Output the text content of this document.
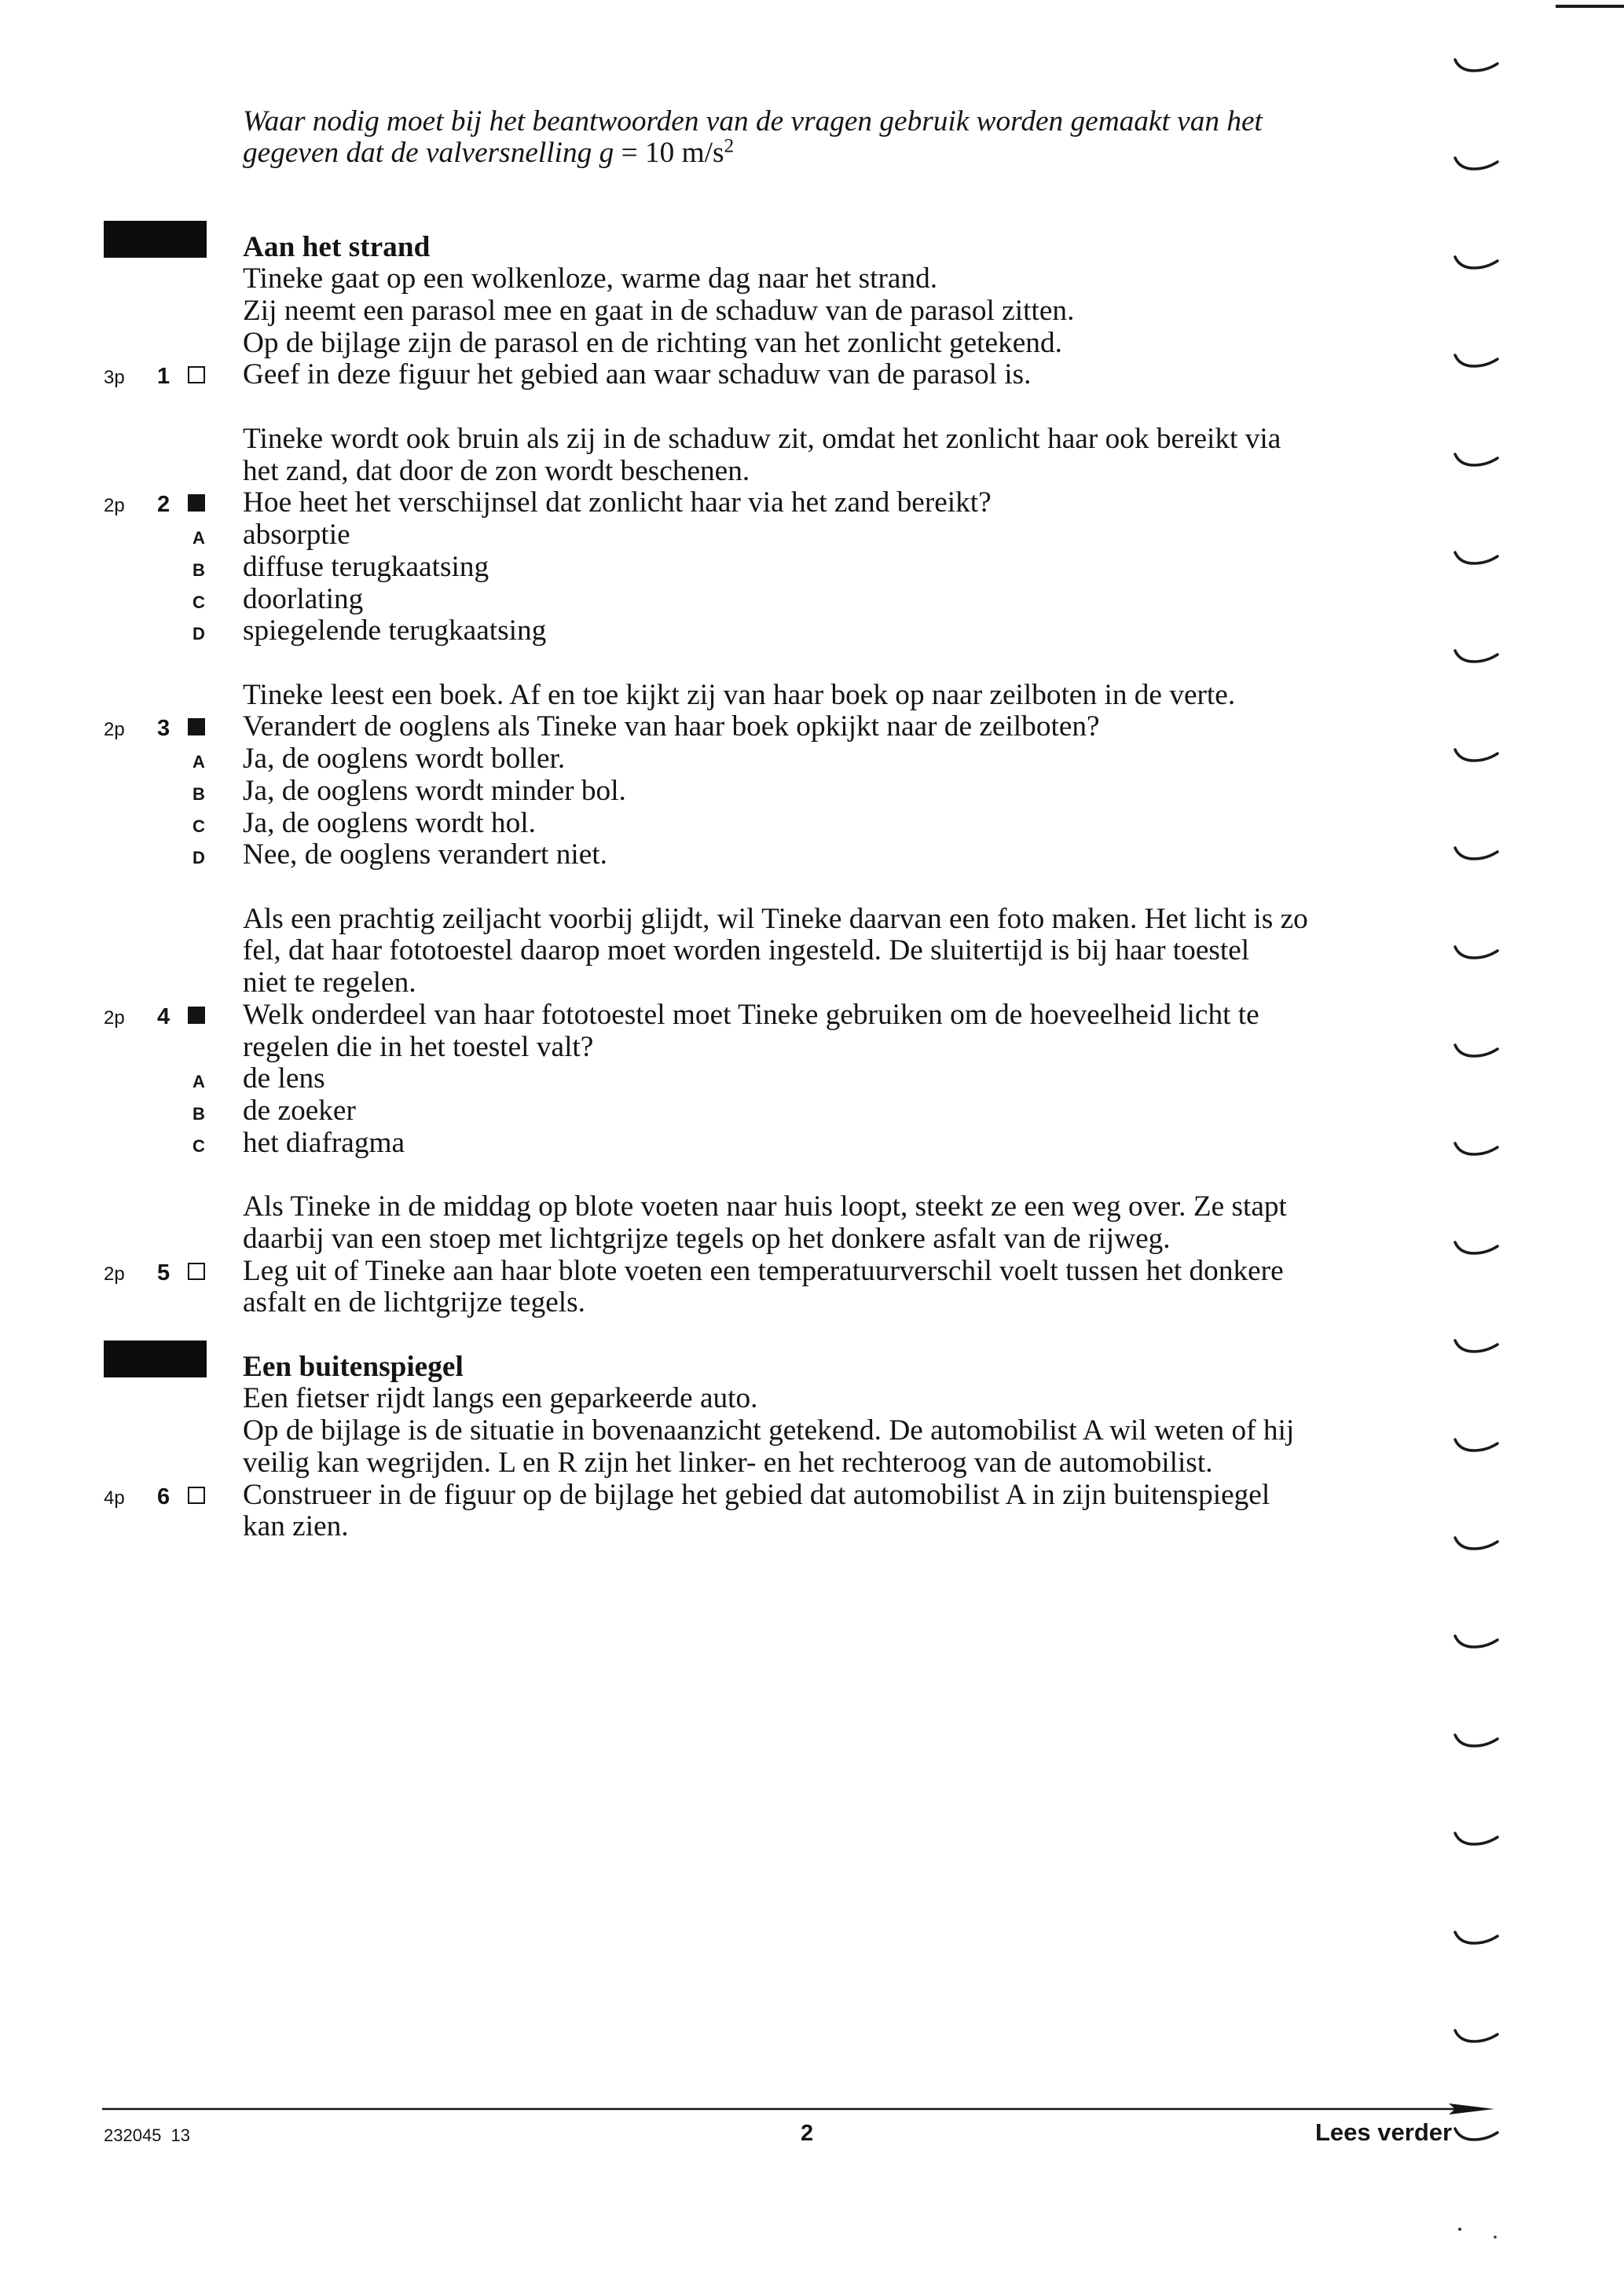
Waar nodig moet bij het beantwoorden van de vragen gebruik worden gemaakt van het
gegeven dat de valversnelling g = 10 $m/s^2$
Aan het strand
Tineke gaat op een wolkenloze, warme dag naar het strand.
Zij neemt een parasol mee en gaat in de schaduw van de parasol zitten.
Op de bijlage zijn de parasol en de richting van het zonlicht getekend.
3p	1	Geef in deze figuur het gebied aan waar schaduw van de parasol is.
Tineke wordt ook bruin als zij in de schaduw zit, omdat het zonlicht haar ook bereikt via
het zand, dat door de zon wordt beschenen.
2p	2	Hoe heet het verschijnsel dat zonlicht haar via het zand bereikt?
A	absorptie
B	diffuse terugkaatsing
C	doorlating
D	spiegelende terugkaatsing
Tineke leest een boek. Af en toe kijkt zij van haar boek op naar zeilboten in de verte.
2p	3	Verandert de ooglens als Tineke van haar boek opkijkt naar de zeilboten?
A	Ja, de ooglens wordt boller.
B	Ja, de ooglens wordt minder bol.
C	Ja, de ooglens wordt hol.
D	Nee, de ooglens verandert niet.
Als een prachtig zeiljacht voorbij glijdt, wil Tineke daarvan een foto maken. Het licht is zo
fel, dat haar fototoestel daarop moet worden ingesteld. De sluitertijd is bij haar toestel
niet te regelen.
2p	4	Welk onderdeel van haar fototoestel moet Tineke gebruiken om de hoeveelheid licht te
regelen die in het toestel valt?
A	de lens
B	de zoeker
C	het diafragma
Als Tineke in de middag op blote voeten naar huis loopt, steekt ze een weg over. Ze stapt
daarbij van een stoep met lichtgrijze tegels op het donkere asfalt van de rijweg.
2p	5	Leg uit of Tineke aan haar blote voeten een temperatuurverschil voelt tussen het donkere
asfalt en de lichtgrijze tegels.
Een buitenspiegel
Een fietser rijdt langs een geparkeerde auto.
Op de bijlage is de situatie in bovenaanzicht getekend. De automobilist A wil weten of hij
veilig kan wegrijden. L en R zijn het linker- en het rechteroog van de automobilist.
4p	6	Construeer in de figuur op de bijlage het gebied dat automobilist A in zijn buitenspiegel
kan zien.
232045 13	2	Lees verder
